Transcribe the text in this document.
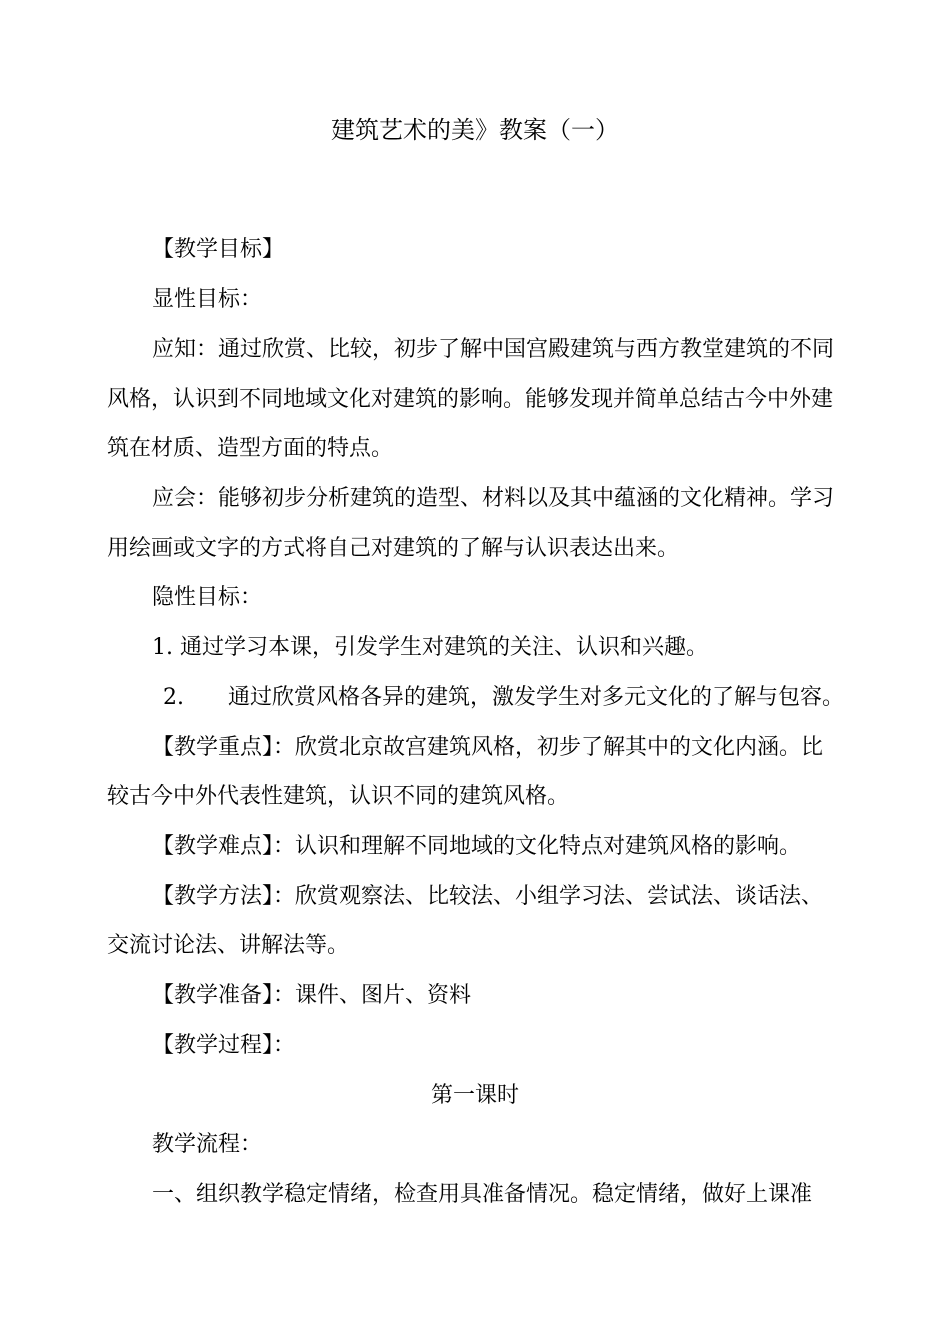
建筑艺术的美》教案（一）
【教学目标】
显性目标：
应知：通过欣赏、比较，初步了解中国宫殿建筑与西方教堂建筑的不同
风格，认识到不同地域文化对建筑的影响。能够发现并简单总结古今中外建
筑在材质、造型方面的特点。
应会：能够初步分析建筑的造型、材料以及其中蕴涵的文化精神。学习
用绘画或文字的方式将自己对建筑的了解与认识表达出来。
隐性目标：
1. 通过学习本课，引发学生对建筑的关注、认识和兴趣。
2.　　通过欣赏风格各异的建筑，激发学生对多元文化的了解与包容。
【教学重点】：欣赏北京故宫建筑风格，初步了解其中的文化内涵。比
较古今中外代表性建筑，认识不同的建筑风格。
【教学难点】：认识和理解不同地域的文化特点对建筑风格的影响。
【教学方法】：欣赏观察法、比较法、小组学习法、尝试法、谈话法、
交流讨论法、讲解法等。
【教学准备】：课件、图片、资料
【教学过程】：
第一课时
教学流程：
一、组织教学稳定情绪，检查用具准备情况。稳定情绪，做好上课准
